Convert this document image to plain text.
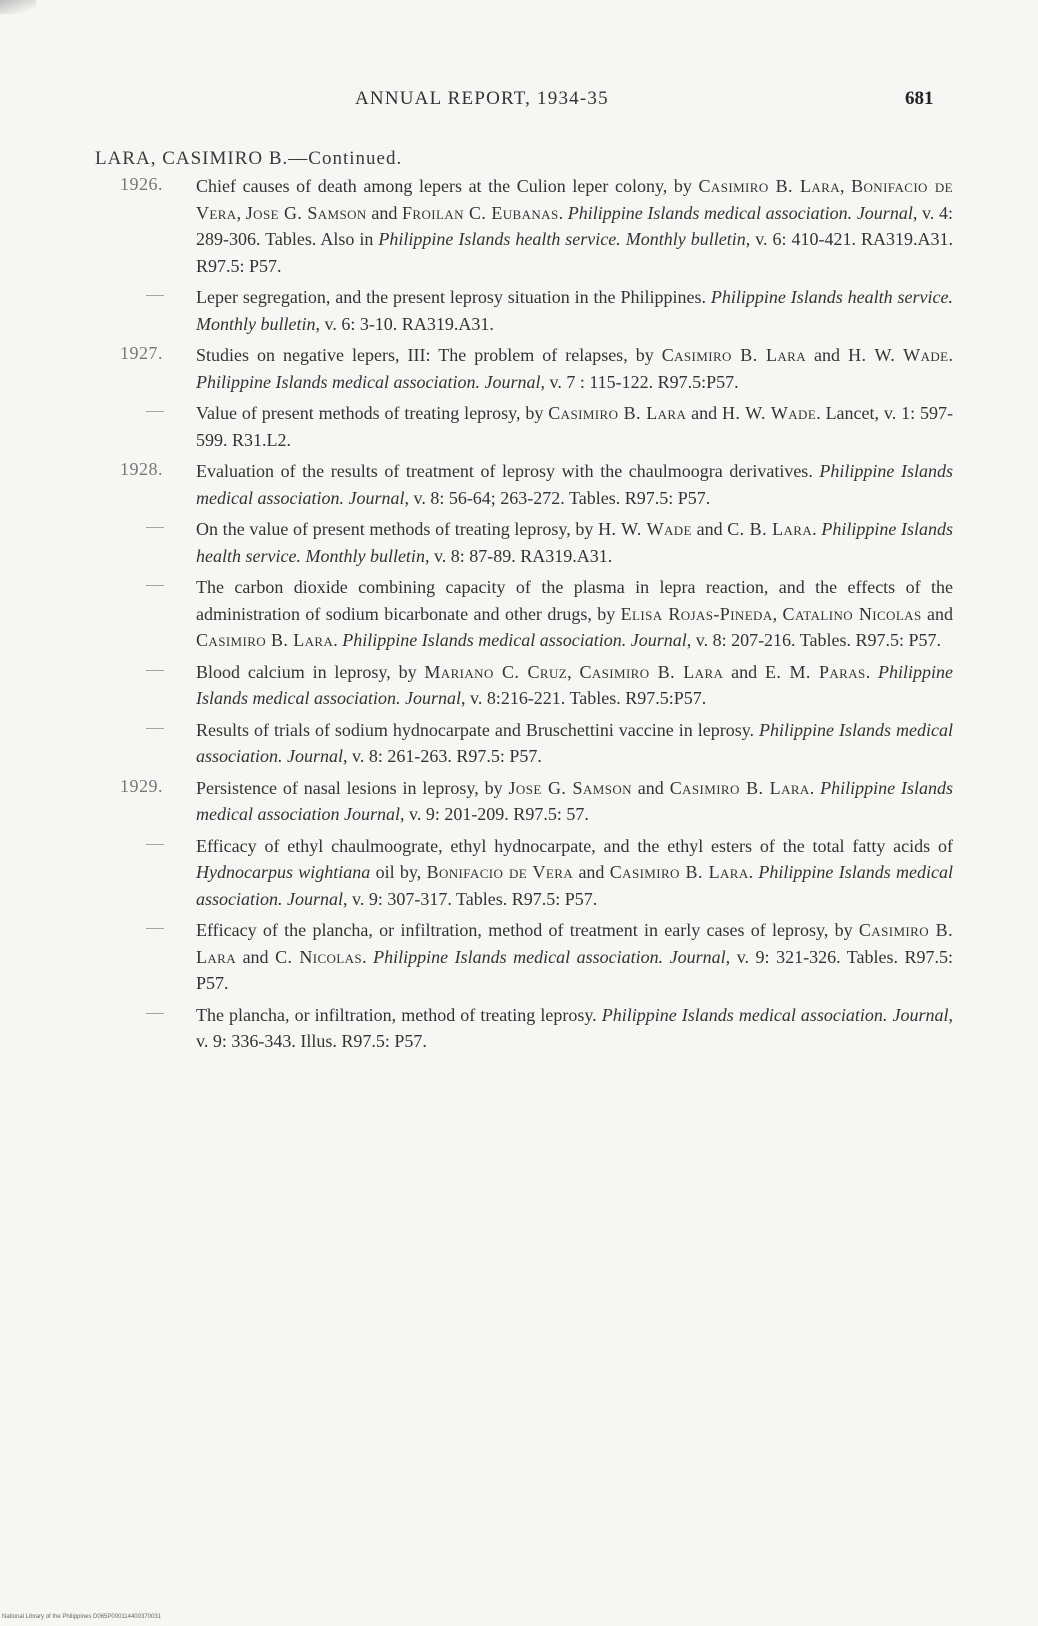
ANNUAL REPORT, 1934-35	681
LARA, CASIMIRO B.—Continued.
1926. Chief causes of death among lepers at the Culion leper colony, by Casimiro B. Lara, Bonifacio de Vera, Jose G. Samson and Froilan C. Eubanas. Philippine Islands medical association. Journal, v. 4: 289-306. Tables. Also in Philippine Islands health service. Monthly bulletin, v. 6: 410-421. RA319.A31. R97.5: P57.
— Leper segregation, and the present leprosy situation in the Philippines. Philippine Islands health service. Monthly bulletin, v. 6: 3-10. RA319.A31.
1927. Studies on negative lepers, III: The problem of relapses, by Casimiro B. Lara and H. W. Wade. Philippine Islands medical association. Journal, v. 7 : 115-122. R97.5:P57.
— Value of present methods of treating leprosy, by Casimiro B. Lara and H. W. Wade. Lancet, v. 1: 597-599. R31.L2.
1928. Evaluation of the results of treatment of leprosy with the chaulmoogra derivatives. Philippine Islands medical association. Journal, v. 8: 56-64; 263-272. Tables. R97.5: P57.
— On the value of present methods of treating leprosy, by H. W. Wade and C. B. Lara. Philippine Islands health service. Monthly bulletin, v. 8: 87-89. RA319.A31.
— The carbon dioxide combining capacity of the plasma in lepra reaction, and the effects of the administration of sodium bicarbonate and other drugs, by Elisa Rojas-Pineda, Catalino Nicolas and Casimiro B. Lara. Philippine Islands medical association. Journal, v. 8: 207-216. Tables. R97.5: P57.
— Blood calcium in leprosy, by Mariano C. Cruz, Casimiro B. Lara and E. M. Paras. Philippine Islands medical association. Journal, v. 8:216-221. Tables. R97.5:P57.
— Results of trials of sodium hydnocarpate and Bruschettini vaccine in leprosy. Philippine Islands medical association. Journal, v. 8: 261-263. R97.5: P57.
1929. Persistence of nasal lesions in leprosy, by Jose G. Samson and Casimiro B. Lara. Philippine Islands medical association Journal, v. 9: 201-209. R97.5: 57.
— Efficacy of ethyl chaulmoograte, ethyl hydnocarpate, and the ethyl esters of the total fatty acids of Hydnocarpus wightiana oil by, Bonifacio de Vera and Casimiro B. Lara. Philippine Islands medical association. Journal, v. 9: 307-317. Tables. R97.5: P57.
— Efficacy of the plancha, or infiltration, method of treatment in early cases of leprosy, by Casimiro B. Lara and C. Nicolas. Philippine Islands medical association. Journal, v. 9: 321-326. Tables. R97.5: P57.
— The plancha, or infiltration, method of treating leprosy. Philippine Islands medical association. Journal, v. 9: 336-343. Illus. R97.5: P57.
National Library of the Philippines D065P000114400370031
